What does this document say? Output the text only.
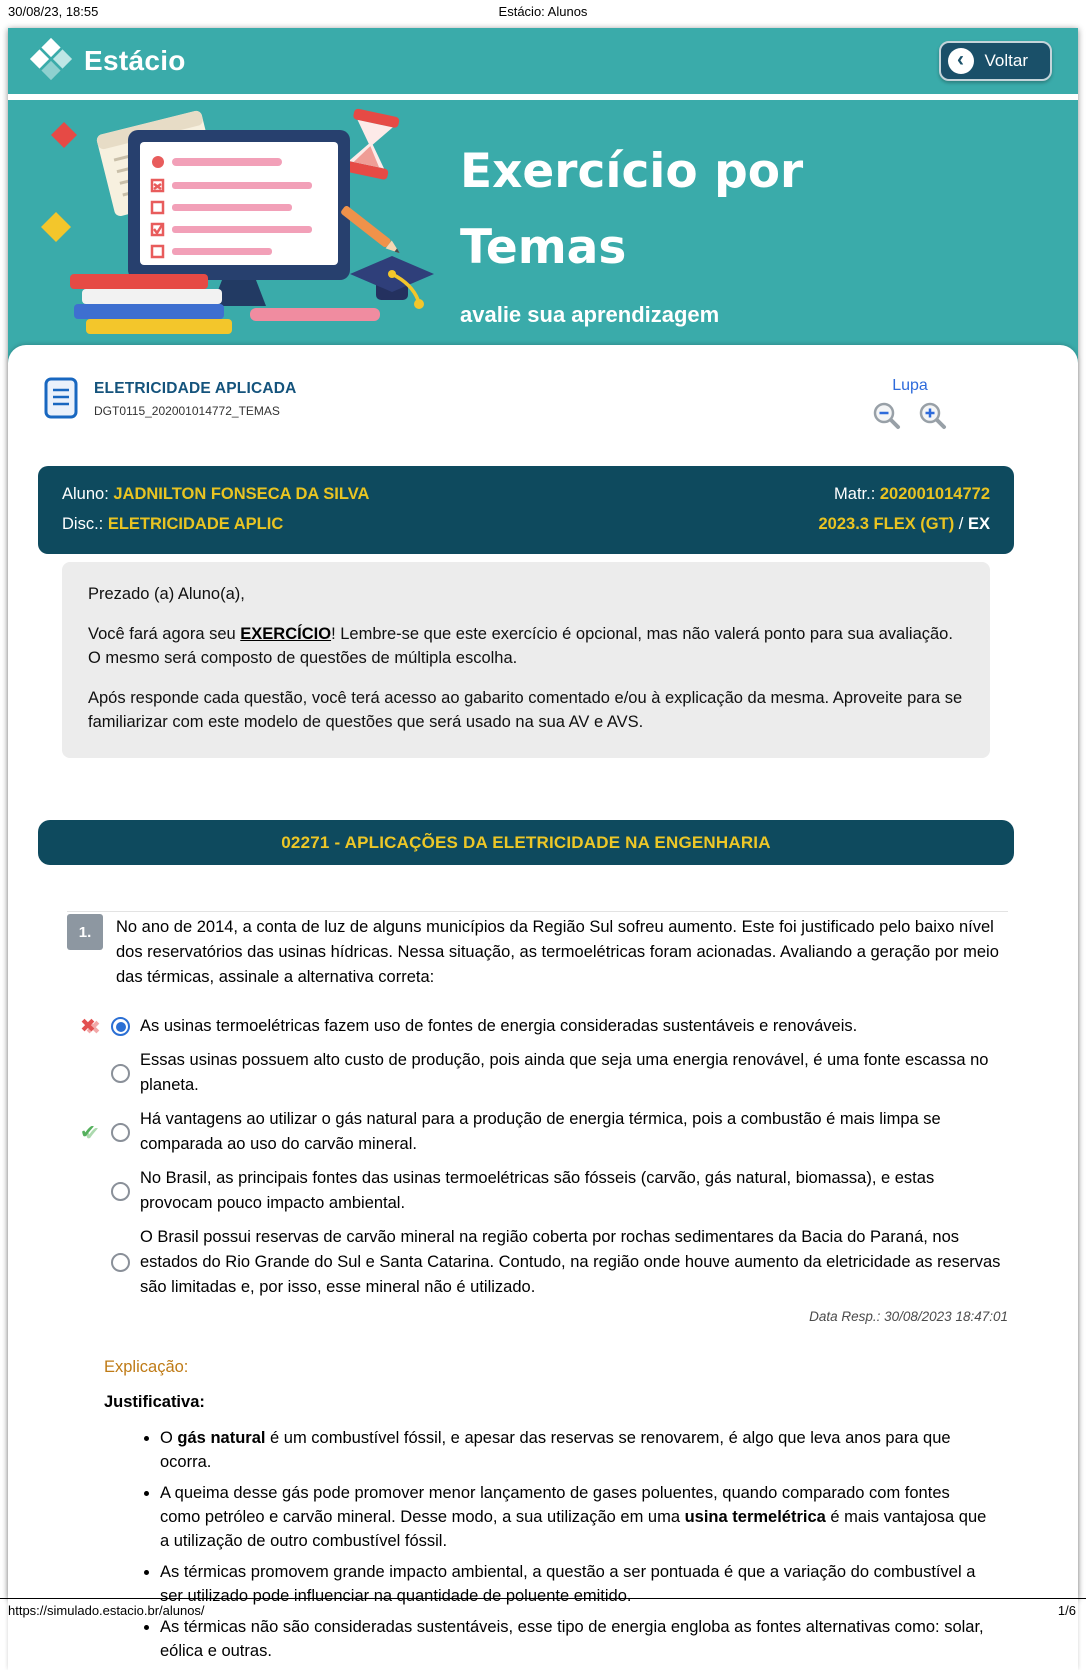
30/08/23, 18:55	Estácio: Alunos
Estácio	‹	Voltar
Exercício por
Temas
avalie sua aprendizagem
ELETRICIDADE APLICADA
DGT0115_202001014772_TEMAS
Lupa
Aluno: JADNILTON FONSECA DA SILVA	Matr.: 202001014772
Disc.: ELETRICIDADE APLIC	2023.3 FLEX (GT) / EX

Prezado (a) Aluno(a),

Você fará agora seu EXERCÍCIO! Lembre-se que este exercício é opcional, mas não valerá ponto para sua avaliação. O mesmo será composto de questões de múltipla escolha.

Após responde cada questão, você terá acesso ao gabarito comentado e/ou à explicação da mesma. Aproveite para se familiarizar com este modelo de questões que será usado na sua AV e AVS.

02271 - APLICAÇÕES DA ELETRICIDADE NA ENGENHARIA
1.	No ano de 2014, a conta de luz de alguns municípios da Região Sul sofreu aumento. Este foi justificado pelo baixo nível dos reservatórios das usinas hídricas. Nessa situação, as termoelétricas foram acionadas. Avaliando a geração por meio das térmicas, assinale a alternativa correta:
✖	As usinas termoelétricas fazem uso de fontes de energia consideradas sustentáveis e renováveis.
Essas usinas possuem alto custo de produção, pois ainda que seja uma energia renovável, é uma fonte escassa no planeta.
✔
Há vantagens ao utilizar o gás natural para a produção de energia térmica, pois a combustão é mais limpa se comparada ao uso do carvão mineral.
No Brasil, as principais fontes das usinas termoelétricas são fósseis (carvão, gás natural, biomassa), e estas provocam pouco impacto ambiental.
O Brasil possui reservas de carvão mineral na região coberta por rochas sedimentares da Bacia do Paraná, nos estados do Rio Grande do Sul e Santa Catarina. Contudo, na região onde houve aumento da eletricidade as reservas são limitadas e, por isso, esse mineral não é utilizado.
Data Resp.: 30/08/2023 18:47:01
Explicação:
Justificativa:
• O gás natural é um combustível fóssil, e apesar das reservas se renovarem, é algo que leva anos para que ocorra.
• A queima desse gás pode promover menor lançamento de gases poluentes, quando comparado com fontes como petróleo e carvão mineral. Desse modo, a sua utilização em uma usina termelétrica é mais vantajosa que a utilização de outro combustível fóssil.
• As térmicas promovem grande impacto ambiental, a questão a ser pontuada é que a variação do combustível a ser utilizado pode influenciar na quantidade de poluente emitido.
• As térmicas não são consideradas sustentáveis, esse tipo de energia engloba as fontes alternativas como: solar, eólica e outras.
https://simulado.estacio.br/alunos/	1/6
